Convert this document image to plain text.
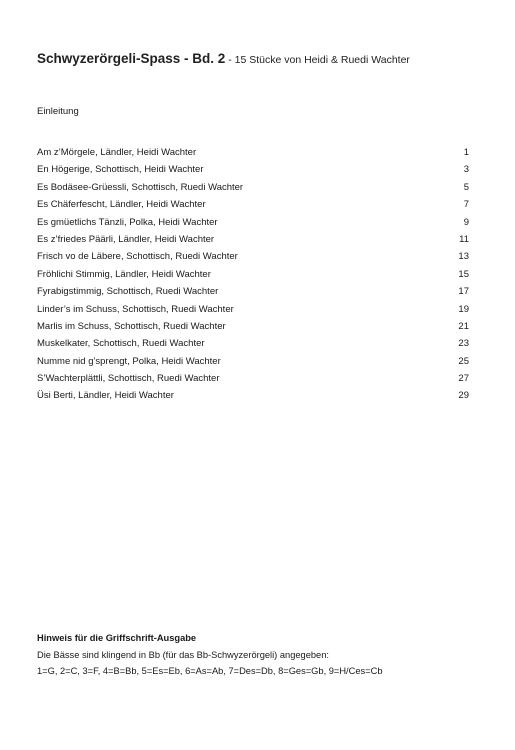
Schwyzerörgeli-Spass - Bd. 2 - 15 Stücke von Heidi & Ruedi Wachter
Einleitung
Am z’Mörgele, Ländler, Heidi Wachter	1
En Högerige, Schottisch, Heidi Wachter	3
Es Bodäsee-Grüessli, Schottisch, Ruedi Wachter	5
Es Chäferfescht, Ländler, Heidi Wachter	7
Es gmüetlichs Tänzli, Polka, Heidi Wachter	9
Es z’friedes Päärli, Ländler, Heidi Wachter	11
Frisch vo de Läbere, Schottisch, Ruedi Wachter	13
Fröhlichi Stimmig, Ländler, Heidi Wachter	15
Fyrabigstimmig, Schottisch, Ruedi Wachter	17
Linder’s im Schuss, Schottisch, Ruedi Wachter	19
Marlis im Schuss, Schottisch, Ruedi Wachter	21
Muskelkater, Schottisch, Ruedi Wachter	23
Numme nid g’sprengt, Polka, Heidi Wachter	25
S’Wachterplättli, Schottisch, Ruedi Wachter	27
Üsi Berti, Ländler, Heidi Wachter	29
Hinweis für die Griffschrift-Ausgabe
Die Bässe sind klingend in Bb (für das Bb-Schwyzerörgeli) angegeben:
1=G, 2=C, 3=F, 4=B=Bb, 5=Es=Eb, 6=As=Ab, 7=Des=Db, 8=Ges=Gb, 9=H/Ces=Cb
